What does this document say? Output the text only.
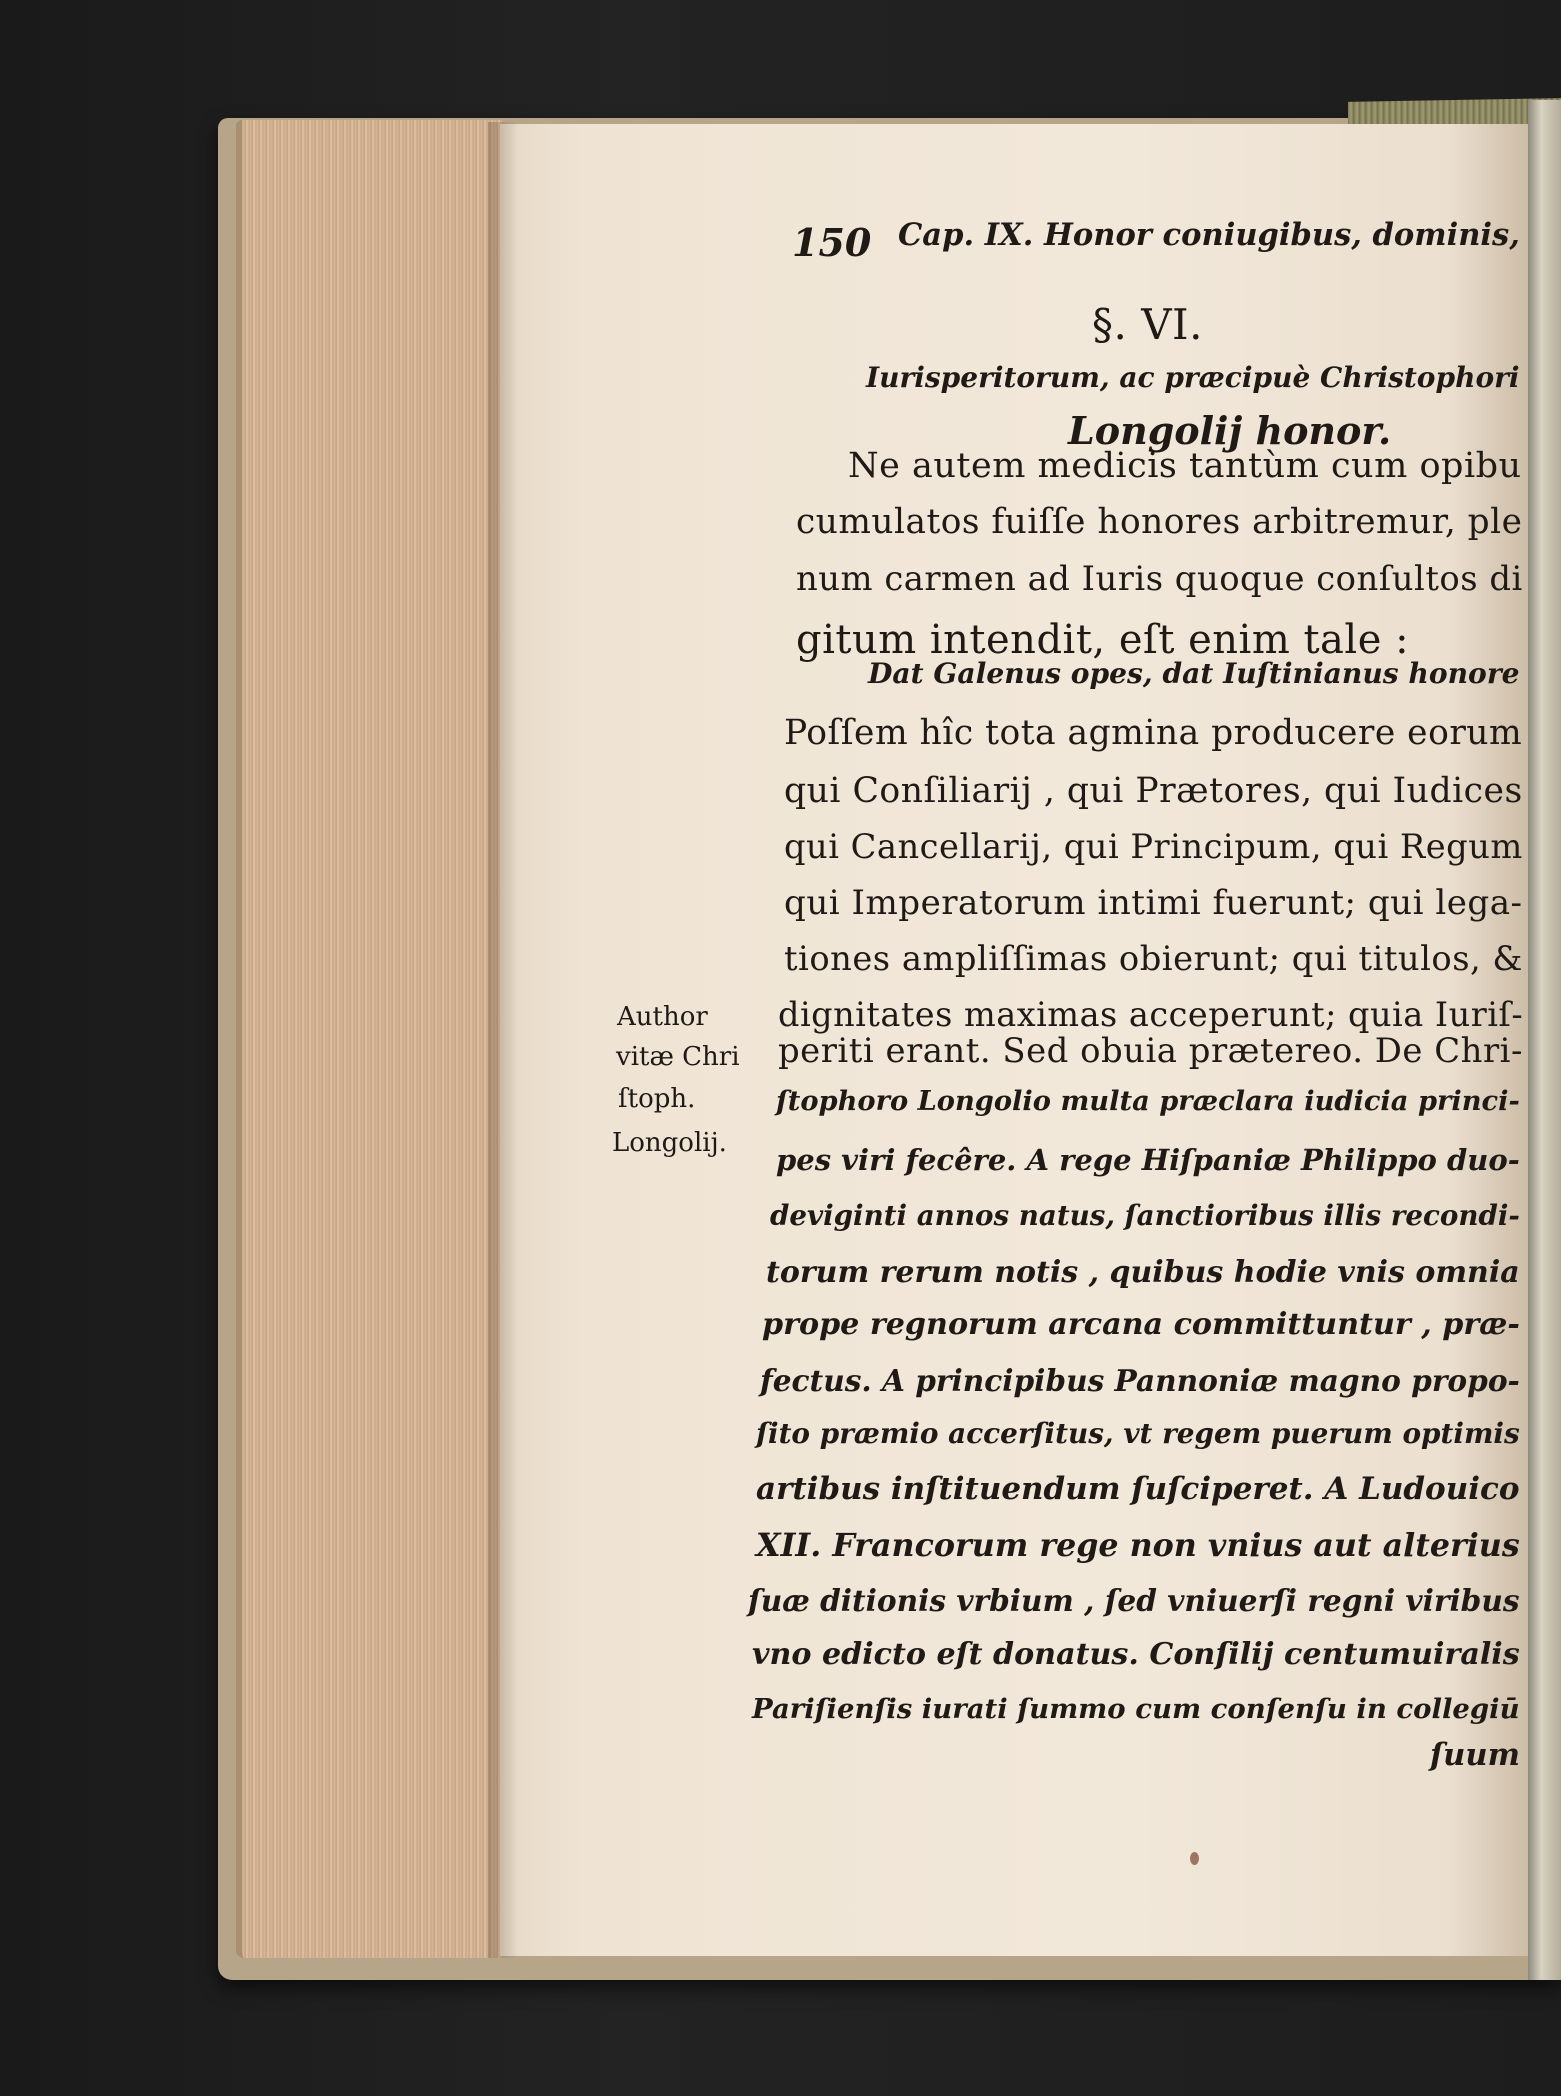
150 Cap. IX. Honor coniugibus, dominis,
§. VI.
Iurisperitorum, ac præcipuè Christophori
Longolij honor.
Ne autem medicis tantùm cum opibu
cumulatos fuiſſe honores arbitremur, ple
num carmen ad Iuris quoque conſultos di
gitum intendit, eſt enim tale :
Dat Galenus opes, dat Iuſtinianus honore
Poſſem hîc tota agmina producere eorum
qui Conſiliarij , qui Prætores, qui Iudices
qui Cancellarij, qui Principum, qui Regum
qui Imperatorum intimi fuerunt; qui lega-
tiones ampliſſimas obierunt; qui titulos, &
dignitates maximas acceperunt; quia Iuriſ-
periti erant. Sed obuia prætereo. De Chri-
Author
vitæ Chri
ſtoph.
Longolij.
ſtophoro Longolio multa præclara iudicia princi-
pes viri fecêre. A rege Hiſpaniæ Philippo duo-
deviginti annos natus, ſanctioribus illis recondi-
torum rerum notis , quibus hodie vnis omnia
prope regnorum arcana committuntur , præ-
fectus. A principibus Pannoniæ magno propo-
ſito præmio accerſitus, vt regem puerum optimis
artibus inſtituendum ſuſciperet. A Ludouico
XII. Francorum rege non vnius aut alterius
ſuæ ditionis vrbium , ſed vniuerſi regni viribus
vno edicto eſt donatus. Conſilij centumuiralis
Pariſienſis iurati ſummo cum conſenſu in collegiū
ſuum
